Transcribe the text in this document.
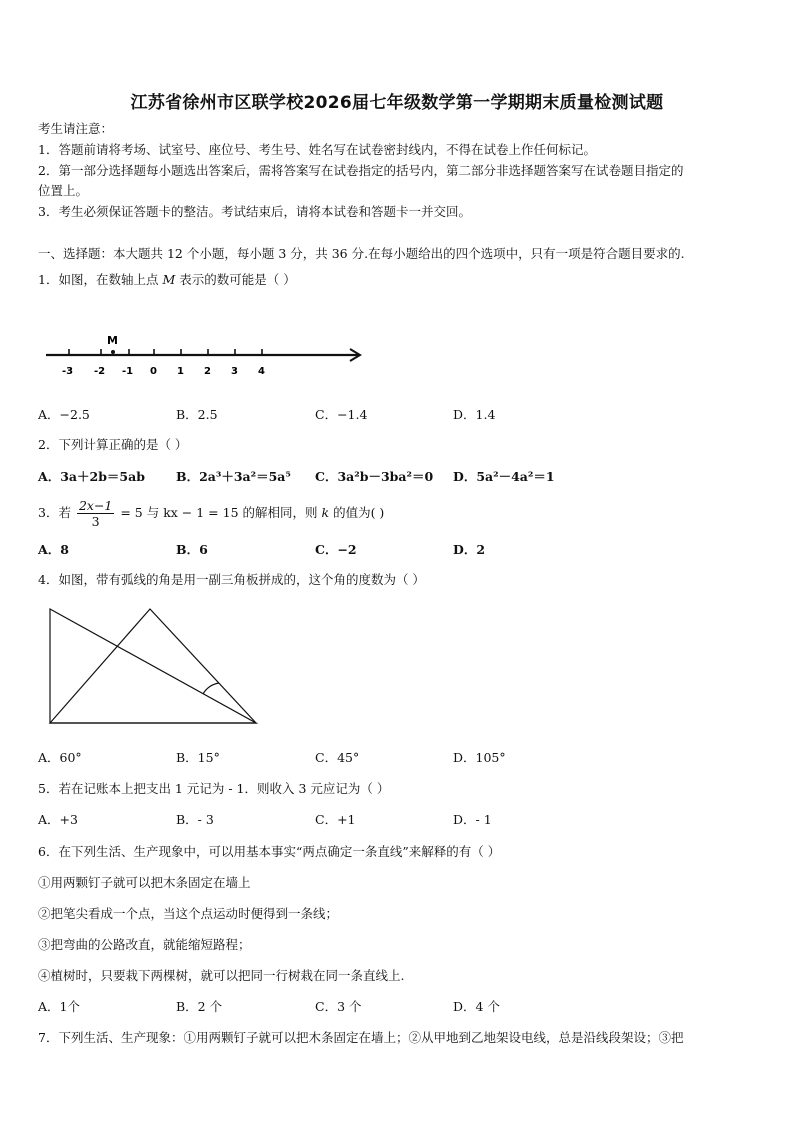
江苏省徐州市区联学校2026届七年级数学第一学期期末质量检测试题
考生请注意：
1．答题前请将考场、试室号、座位号、考生号、姓名写在试卷密封线内，不得在试卷上作任何标记。
2．第一部分选择题每小题选出答案后，需将答案写在试卷指定的括号内，第二部分非选择题答案写在试卷题目指定的
位置上。
3．考生必须保证答题卡的整洁。考试结束后，请将本试卷和答题卡一并交回。
一、选择题：本大题共 12 个小题，每小题 3 分，共 36 分.在每小题给出的四个选项中，只有一项是符合题目要求的.
1．如图，在数轴上点 M 表示的数可能是（ ）
M
-3 -2 -1 0 1 2 3 4
A．−2.5	B．2.5	C．−1.4	D．1.4
2．下列计算正确的是（ ）
A．3a＋2b＝5ab B．2a³＋3a²＝5a⁵ C．3a²b－3ba²＝0 D．5a²－4a²＝1
3．若 $\frac{2x-1}{3} = 5$ 与 kx − 1 = 15 的解相同，则 k 的值为( )
A．8	B．6	C．−2	D．2
4．如图，带有弧线的角是用一副三角板拼成的，这个角的度数为（ ）
A．60°	B．15°	C．45°	D．105°
5．若在记账本上把支出 1 元记为 - 1．则收入 3 元应记为（ ）
A．+3	B．- 3	C．+1	D．- 1
6．在下列生活、生产现象中，可以用基本事实“两点确定一条直线”来解释的有（ ）
①用两颗钉子就可以把木条固定在墙上
②把笔尖看成一个点，当这个点运动时便得到一条线；
③把弯曲的公路改直，就能缩短路程；
④植树时，只要栽下两棵树，就可以把同一行树栽在同一条直线上.
A．1个	B．2 个	C．3 个	D．4 个
7．下列生活、生产现象：①用两颗钉子就可以把木条固定在墙上；②从甲地到乙地架设电线，总是沿线段架设；③把
